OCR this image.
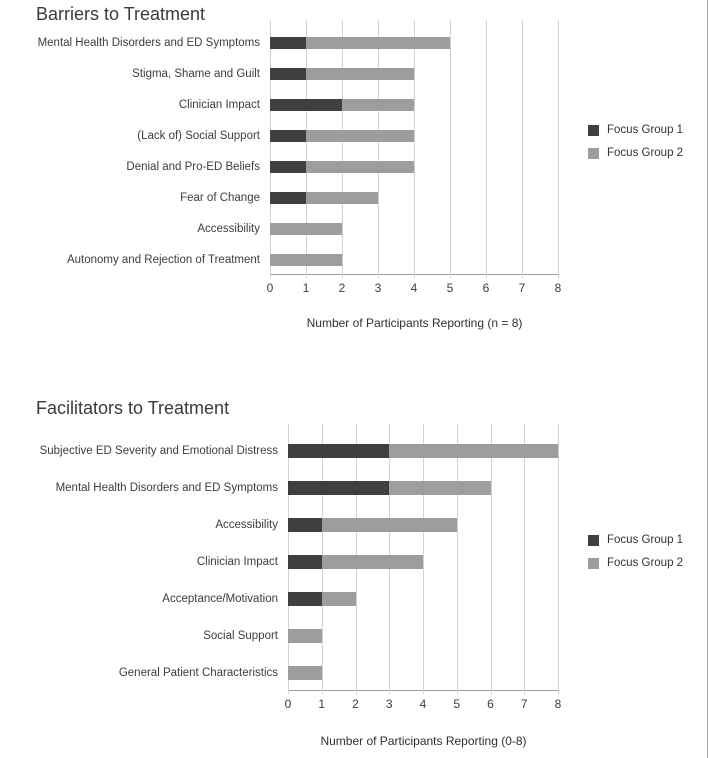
Barriers to Treatment
Mental Health Disorders and ED Symptoms
Stigma, Shame and Guilt
Clinician Impact
(Lack of) Social Support
Denial and Pro-ED Beliefs
Fear of Change
Accessibility
Autonomy and Rejection of Treatment
0	1	2	3	4	5	6	7	8
Number of Participants Reporting (n = 8)
Focus Group 1
Focus Group 2
Facilitators to Treatment
Subjective ED Severity and Emotional Distress
Mental Health Disorders and ED Symptoms
Accessibility
Clinician Impact
Acceptance/Motivation
Social Support
General Patient Characteristics
0	1	2	3	4	5	6	7	8
Number of Participants Reporting (0-8)
Focus Group 1
Focus Group 2
